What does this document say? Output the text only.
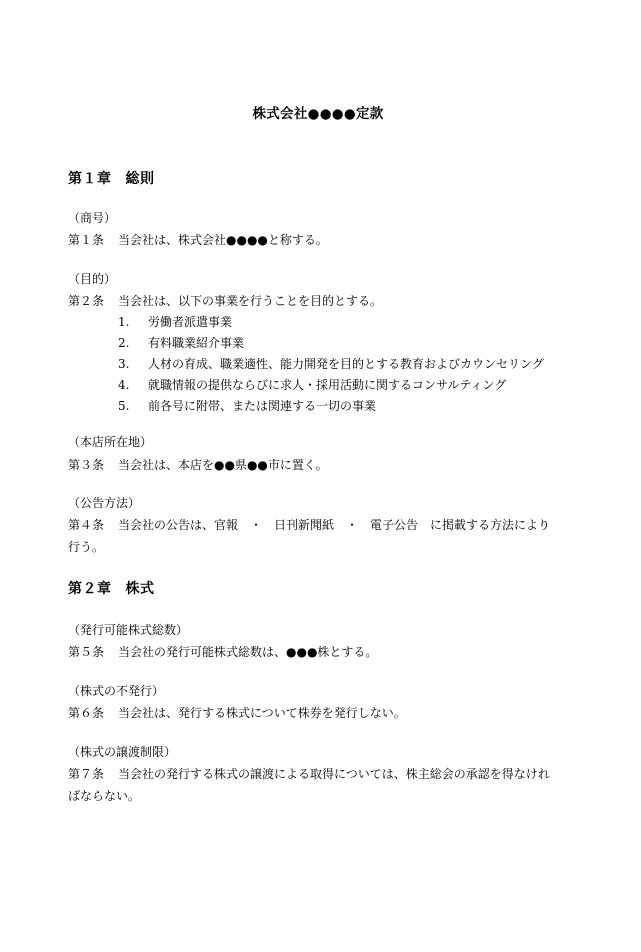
株式会社●●●●定款
第１章 総則
（商号）
第１条 当会社は、株式会社●●●●と称する。
（目的）
第２条 当会社は、以下の事業を行うことを目的とする。
1. 労働者派遣事業
2. 有料職業紹介事業
3. 人材の育成、職業適性、能力開発を目的とする教育およびカウンセリング
4. 就職情報の提供ならびに求人・採用活動に関するコンサルティング
5. 前各号に附帯、または関連する一切の事業
（本店所在地）
第３条 当会社は、本店を●●県●●市に置く。
（公告方法）
第４条 当会社の公告は、官報　・　日刊新聞紙　・　電子公告　に掲載する方法により
行う。
第２章 株式
（発行可能株式総数）
第５条 当会社の発行可能株式総数は、●●●株とする。
（株式の不発行）
第６条 当会社は、発行する株式について株券を発行しない。
（株式の譲渡制限）
第７条 当会社の発行する株式の譲渡による取得については、株主総会の承認を得なけれ
ばならない。
